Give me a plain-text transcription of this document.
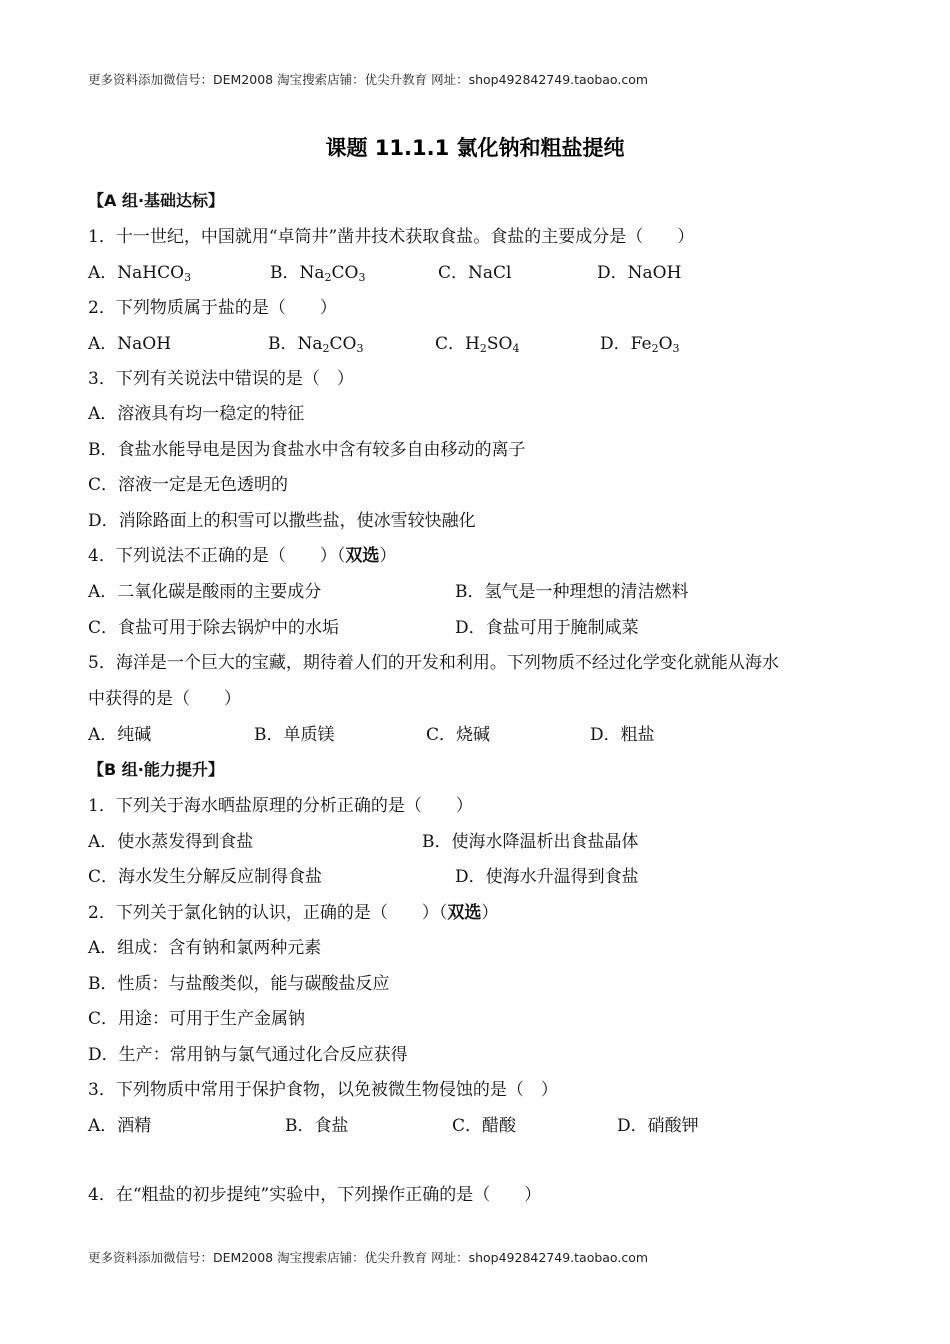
更多资料添加微信号：DEM2008 淘宝搜索店铺：优尖升教育 网址：shop492842749.taobao.com
课题 11.1.1 氯化钠和粗盐提纯
【A 组·基础达标】
1．十一世纪，中国就用“卓筒井”凿井技术获取食盐。食盐的主要成分是（　　）
A．NaHCO$_3$	B．$Na_2CO_3$	C．NaCl	D．NaOH
2．下列物质属于盐的是（　　）
A．NaOH	B．$Na_2CO_3$	C．$H_2SO_4$	D．$Fe_2O_3$
3．下列有关说法中错误的是（　）
A．溶液具有均一稳定的特征
B．食盐水能导电是因为食盐水中含有较多自由移动的离子
C．溶液一定是无色透明的
D．消除路面上的积雪可以撒些盐，使冰雪较快融化
4．下列说法不正确的是（　　）（双选）
A．二氧化碳是酸雨的主要成分	B．氢气是一种理想的清洁燃料
C．食盐可用于除去锅炉中的水垢	D．食盐可用于腌制咸菜
5．海洋是一个巨大的宝藏，期待着人们的开发和利用。下列物质不经过化学变化就能从海水
中获得的是（　　）
A．纯碱	B．单质镁	C．烧碱	D．粗盐
【B 组·能力提升】
1．下列关于海水晒盐原理的分析正确的是（　　）
A．使水蒸发得到食盐	B．使海水降温析出食盐晶体
C．海水发生分解反应制得食盐	D．使海水升温得到食盐
2．下列关于氯化钠的认识，正确的是（　　）（双选）
A．组成：含有钠和氯两种元素
B．性质：与盐酸类似，能与碳酸盐反应
C．用途：可用于生产金属钠
D．生产：常用钠与氯气通过化合反应获得
3．下列物质中常用于保护食物，以免被微生物侵蚀的是（　）
A．酒精	B．食盐	C．醋酸	D．硝酸钾
4．在“粗盐的初步提纯”实验中，下列操作正确的是（　　）
更多资料添加微信号：DEM2008 淘宝搜索店铺：优尖升教育 网址：shop492842749.taobao.com
